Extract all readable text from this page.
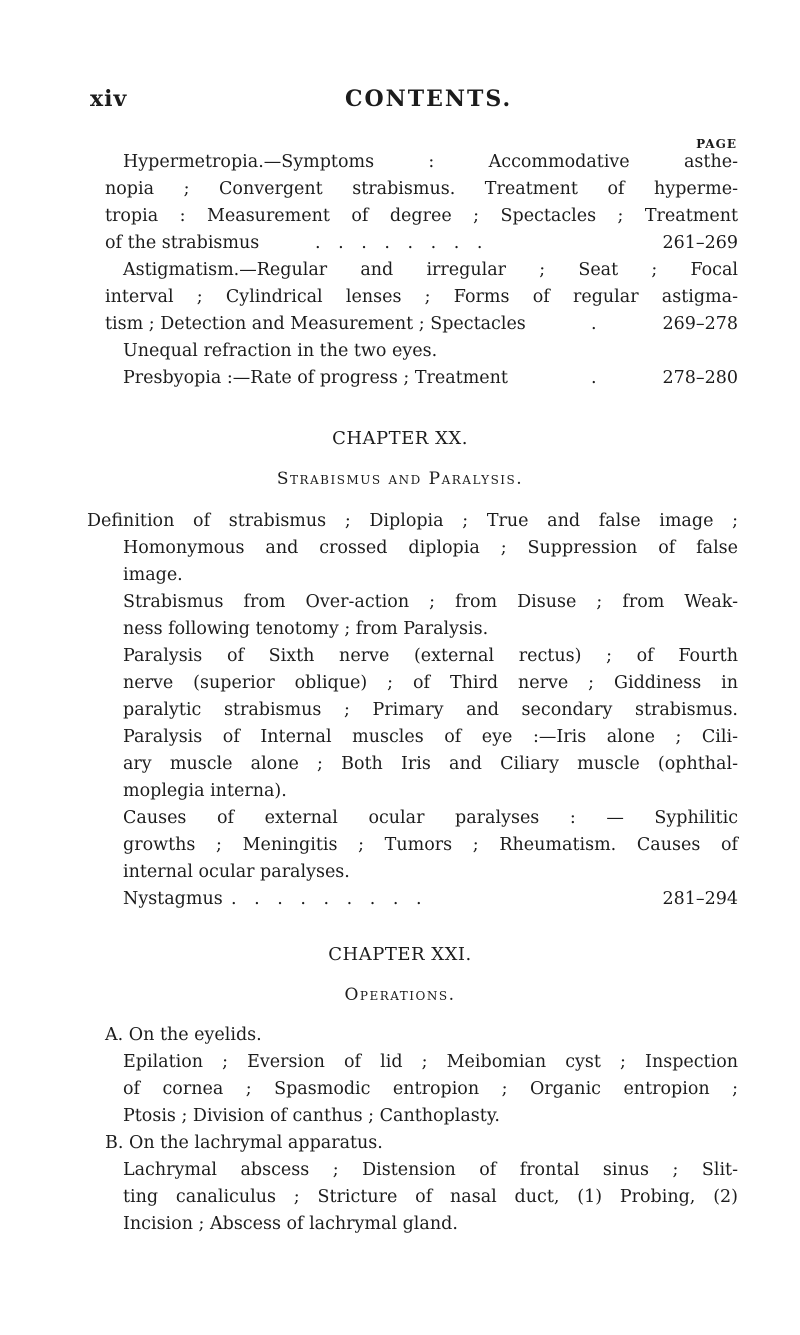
xiv	CONTENTS.
PAGE
Hypermetropia.—Symptoms : Accommodative asthe-
nopia ; Convergent strabismus. Treatment of hyperme-
tropia : Measurement of degree ; Spectacles ; Treatment
of the strabismus	. . . . . . . .	261–269
Astigmatism.—Regular and irregular ; Seat ; Focal
interval ; Cylindrical lenses ; Forms of regular astigma-
tism ; Detection and Measurement ; Spectacles	.	269–278
Unequal refraction in the two eyes.
Presbyopia :—Rate of progress ; Treatment	.	278–280
CHAPTER XX.
Strabismus and Paralysis.
Definition of strabismus ; Diplopia ; True and false image ;
Homonymous and crossed diplopia ; Suppression of false
image.
Strabismus from Over-action ; from Disuse ; from Weak-
ness following tenotomy ; from Paralysis.
Paralysis of Sixth nerve (external rectus) ; of Fourth
nerve (superior oblique) ; of Third nerve ; Giddiness in
paralytic strabismus ; Primary and secondary strabismus.
Paralysis of Internal muscles of eye :—Iris alone ; Cili-
ary muscle alone ; Both Iris and Ciliary muscle (ophthal-
moplegia interna).
Causes of external ocular paralyses : — Syphilitic
growths ; Meningitis ; Tumors ; Rheumatism. Causes of
internal ocular paralyses.
Nystagmus . . . . . . . . .	281–294
CHAPTER XXI.
Operations.
A. On the eyelids.
Epilation ; Eversion of lid ; Meibomian cyst ; Inspection
of cornea ; Spasmodic entropion ; Organic entropion ;
Ptosis ; Division of canthus ; Canthoplasty.
B. On the lachrymal apparatus.
Lachrymal abscess ; Distension of frontal sinus ; Slit-
ting canaliculus ; Stricture of nasal duct, (1) Probing, (2)
Incision ; Abscess of lachrymal gland.
